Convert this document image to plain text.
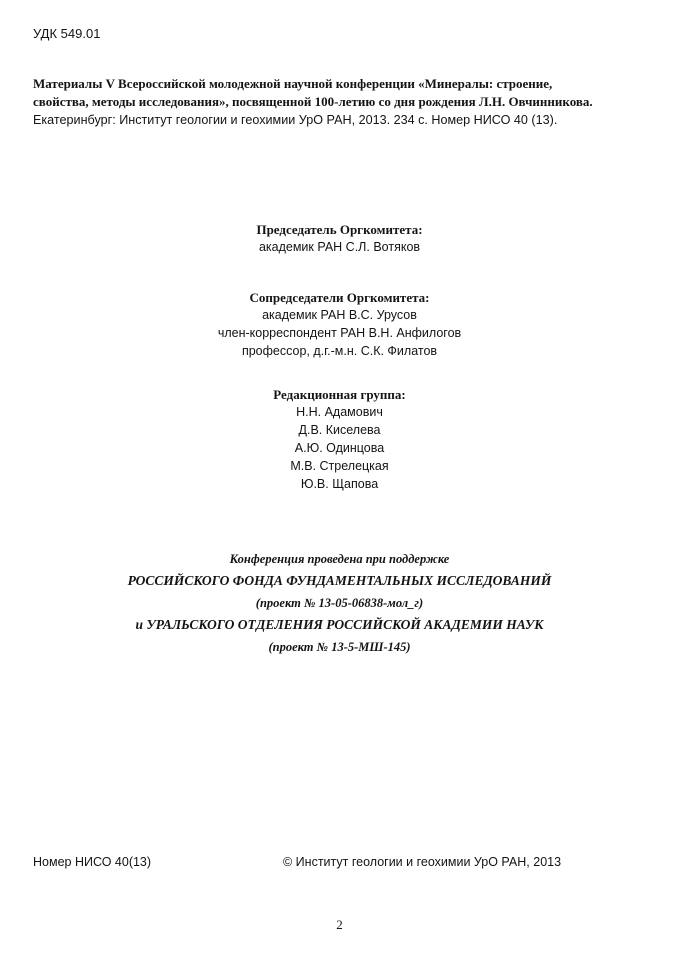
УДК 549.01
Материалы V Всероссийской молодежной научной конференции «Минералы: строение,
свойства, методы исследования», посвященной 100-летию со дня рождения Л.Н. Овчинникова.
Екатеринбург: Институт геологии и геохимии УрО РАН, 2013. 234 с. Номер НИСО 40 (13).
Председатель Оргкомитета:
академик РАН С.Л. Вотяков
Сопредседатели Оргкомитета:
академик РАН В.С. Урусов
член-корреспондент РАН В.Н. Анфилогов
профессор, д.г.-м.н. С.К. Филатов
Редакционная группа:
Н.Н. Адамович
Д.В. Киселева
А.Ю. Одинцова
М.В. Стрелецкая
Ю.В. Щапова
Конференция проведена при поддержке
РОССИЙСКОГО ФОНДА ФУНДАМЕНТАЛЬНЫХ ИССЛЕДОВАНИЙ
(проект № 13-05-06838-мол_г)
и УРАЛЬСКОГО ОТДЕЛЕНИЯ РОССИЙСКОЙ АКАДЕМИИ НАУК
(проект № 13-5-МШ-145)
Номер НИСО 40(13)	© Институт геологии и геохимии УрО РАН, 2013
2
